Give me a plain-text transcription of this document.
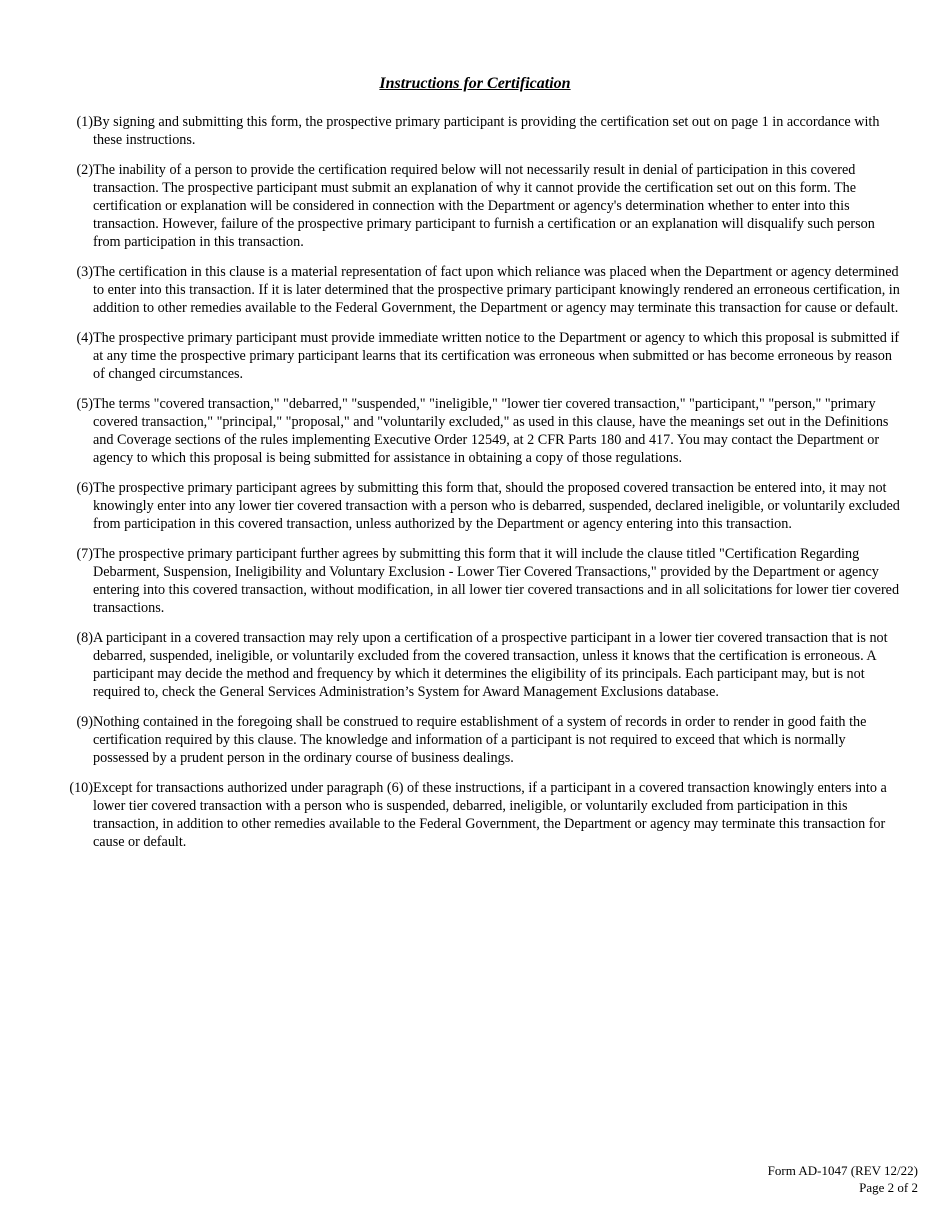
Instructions for Certification
(1) By signing and submitting this form, the prospective primary participant is providing the certification set out on page 1 in accordance with these instructions.
(2) The inability of a person to provide the certification required below will not necessarily result in denial of participation in this covered transaction. The prospective participant must submit an explanation of why it cannot provide the certification set out on this form. The certification or explanation will be considered in connection with the Department or agency's determination whether to enter into this transaction. However, failure of the prospective primary participant to furnish a certification or an explanation will disqualify such person from participation in this transaction.
(3) The certification in this clause is a material representation of fact upon which reliance was placed when the Department or agency determined to enter into this transaction. If it is later determined that the prospective primary participant knowingly rendered an erroneous certification, in addition to other remedies available to the Federal Government, the Department or agency may terminate this transaction for cause or default.
(4) The prospective primary participant must provide immediate written notice to the Department or agency to which this proposal is submitted if at any time the prospective primary participant learns that its certification was erroneous when submitted or has become erroneous by reason of changed circumstances.
(5) The terms "covered transaction," "debarred," "suspended," "ineligible," "lower tier covered transaction," "participant," "person," "primary covered transaction," "principal," "proposal," and "voluntarily excluded," as used in this clause, have the meanings set out in the Definitions and Coverage sections of the rules implementing Executive Order 12549, at 2 CFR Parts 180 and 417. You may contact the Department or agency to which this proposal is being submitted for assistance in obtaining a copy of those regulations.
(6) The prospective primary participant agrees by submitting this form that, should the proposed covered transaction be entered into, it may not knowingly enter into any lower tier covered transaction with a person who is debarred, suspended, declared ineligible, or voluntarily excluded from participation in this covered transaction, unless authorized by the Department or agency entering into this transaction.
(7) The prospective primary participant further agrees by submitting this form that it will include the clause titled "Certification Regarding Debarment, Suspension, Ineligibility and Voluntary Exclusion - Lower Tier Covered Transactions," provided by the Department or agency entering into this covered transaction, without modification, in all lower tier covered transactions and in all solicitations for lower tier covered transactions.
(8) A participant in a covered transaction may rely upon a certification of a prospective participant in a lower tier covered transaction that is not debarred, suspended, ineligible, or voluntarily excluded from the covered transaction, unless it knows that the certification is erroneous. A participant may decide the method and frequency by which it determines the eligibility of its principals. Each participant may, but is not required to, check the General Services Administration’s System for Award Management Exclusions database.
(9) Nothing contained in the foregoing shall be construed to require establishment of a system of records in order to render in good faith the certification required by this clause. The knowledge and information of a participant is not required to exceed that which is normally possessed by a prudent person in the ordinary course of business dealings.
(10) Except for transactions authorized under paragraph (6) of these instructions, if a participant in a covered transaction knowingly enters into a lower tier covered transaction with a person who is suspended, debarred, ineligible, or voluntarily excluded from participation in this transaction, in addition to other remedies available to the Federal Government, the Department or agency may terminate this transaction for cause or default.
Form AD-1047 (REV 12/22)
Page 2 of 2
